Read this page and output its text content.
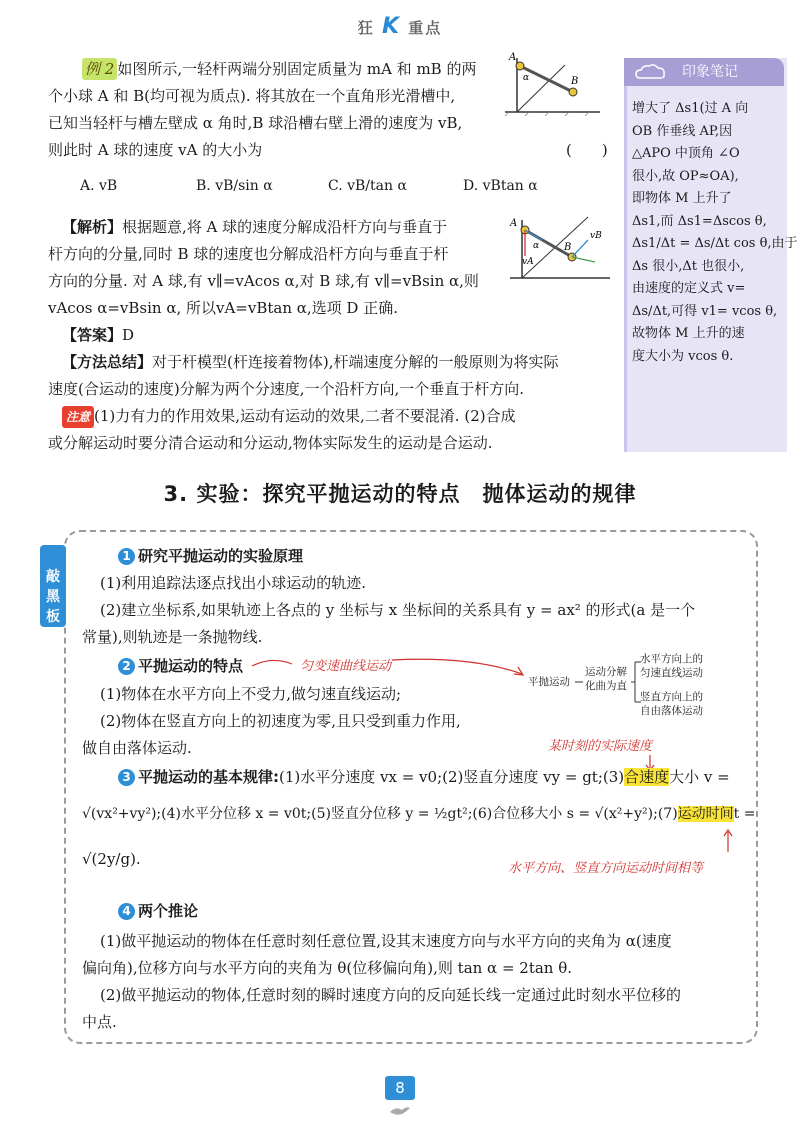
狂 K 重点
例 2 如图所示,一轻杆两端分别固定质量为 mA 和 mB 的两
个小球 A 和 B(均可视为质点). 将其放在一个直角形光滑槽中,
已知当轻杆与槽左壁成 α 角时,B 球沿槽右壁上滑的速度为 vB,
则此时 A 球的速度 vA 的大小为	(　　)
A
B
α
A. vB	B. vB/sin α	C. vB/tan α	D. vBtan α
【解析】根据题意,将 A 球的速度分解成沿杆方向与垂直于
杆方向的分量,同时 B 球的速度也分解成沿杆方向与垂直于杆
方向的分量. 对 A 球,有 v∥=vAcos α,对 B 球,有 v∥=vBsin α,则
vAcos α=vBsin α, 所以vA=vBtan α,选项 D 正确.
A
B
α
vA
vB
【答案】D
【方法总结】对于杆模型(杆连接着物体),杆端速度分解的一般原则为将实际
速度(合运动的速度)分解为两个分速度,一个沿杆方向,一个垂直于杆方向.
注意 (1)力有力的作用效果,运动有运动的效果,二者不要混淆. (2)合成
或分解运动时要分清合运动和分运动,物体实际发生的运动是合运动.
印象笔记
增大了 Δs1(过 A 向
OB 作垂线 AP,因
△APO 中顶角 ∠O
很小,故 OP≈OA),
即物体 M 上升了
Δs1,而 Δs1=Δscos θ,
Δs1/Δt = Δs/Δt cos θ,由于
Δs 很小,Δt 也很小,
由速度的定义式 v=
Δs/Δt,可得 v1= vcos θ,
故物体 M 上升的速
度大小为 vcos θ.
3. 实验：探究平抛运动的特点　抛体运动的规律
敲黑板
1 研究平抛运动的实验原理
(1)利用追踪法逐点找出小球运动的轨迹.
(2)建立坐标系,如果轨迹上各点的 y 坐标与 x 坐标间的关系具有 y = ax² 的形式(a 是一个
常量),则轨迹是一条抛物线.
2 平抛运动的特点	匀变速曲线运动
(1)物体在水平方向上不受力,做匀速直线运动;
(2)物体在竖直方向上的初速度为零,且只受到重力作用,
做自由落体运动.
平抛运动
运动分解
化曲为直
水平方向上的
匀速直线运动
竖直方向上的
自由落体运动
某时刻的实际速度
3 平抛运动的基本规律:(1)水平分速度 vx = v0;(2)竖直分速度 vy = gt;(3)合速度大小 v =
√(vx²+vy²);(4)水平分位移 x = v0t;(5)竖直分位移 y = ½gt²;(6)合位移大小 s = √(x²+y²);(7)运动时间t =
√(2y/g).
水平方向、竖直方向运动时间相等
4 两个推论
(1)做平抛运动的物体在任意时刻任意位置,设其末速度方向与水平方向的夹角为 α(速度
偏向角),位移方向与水平方向的夹角为 θ(位移偏向角),则 tan α = 2tan θ.
(2)做平抛运动的物体,任意时刻的瞬时速度方向的反向延长线一定通过此时刻水平位移的
中点.
8
